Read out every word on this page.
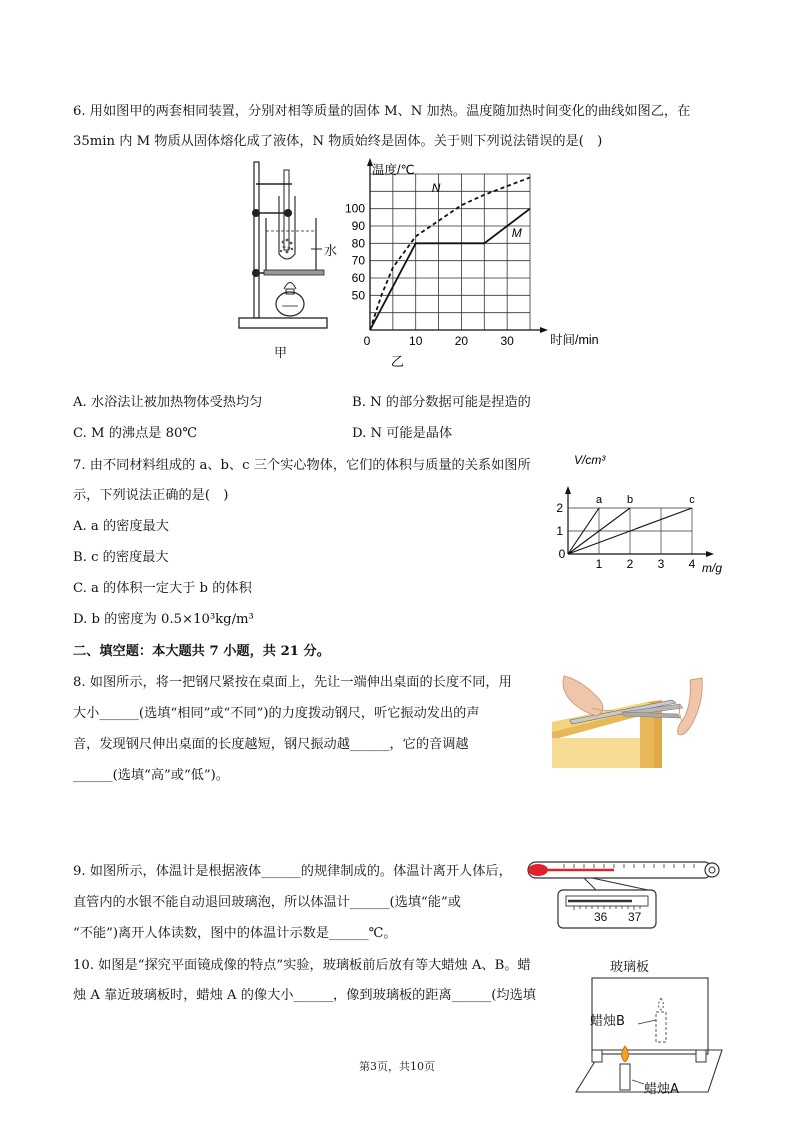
6. 用如图甲的两套相同装置，分别对相等质量的固体 M、N 加热。温度随加热时间变化的曲线如图乙，在
35min 内 M 物质从固体熔化成了液体，N 物质始终是固体。关于则下列说法错误的是(　)
水
甲
0	10	20	30
50
60
70
80
90
100
时间/min
温度/℃
N
M
乙
A. 水浴法让被加热物体受热均匀	B. N 的部分数据可能是捏造的
C. M 的沸点是 80℃	D. N 可能是晶体
7. 由不同材料组成的 a、b、c 三个实心物体，它们的体积与质量的关系如图所
示，下列说法正确的是(　)
A. a 的密度最大
B. c 的密度最大
C. a 的体积一定大于 b 的体积
D. b 的密度为 0.5×10³kg/m³
0
1 2 3 4
1
2
m/g
V/cm³
a b	c
二、填空题：本大题共 7 小题，共 21 分。
8. 如图所示，将一把钢尺紧按在桌面上，先让一端伸出桌面的长度不同，用
大小______(选填“相同”或“不同”)的力度拨动钢尺，听它振动发出的声
音，发现钢尺伸出桌面的长度越短，钢尺振动越______，它的音调越
______(选填“高”或“低”)。
9. 如图所示，体温计是根据液体______的规律制成的。体温计离开人体后，
直管内的水银不能自动退回玻璃泡，所以体温计______(选填“能”或
“不能”)离开人体读数，图中的体温计示数是______℃。
36 37
10. 如图是“探究平面镜成像的特点”实验，玻璃板前后放有等大蜡烛 A、B。蜡
烛 A 靠近玻璃板时，蜡烛 A 的像大小______，像到玻璃板的距离______(均选填
玻璃板
蜡烛B
蜡烛A
第3页，共10页
